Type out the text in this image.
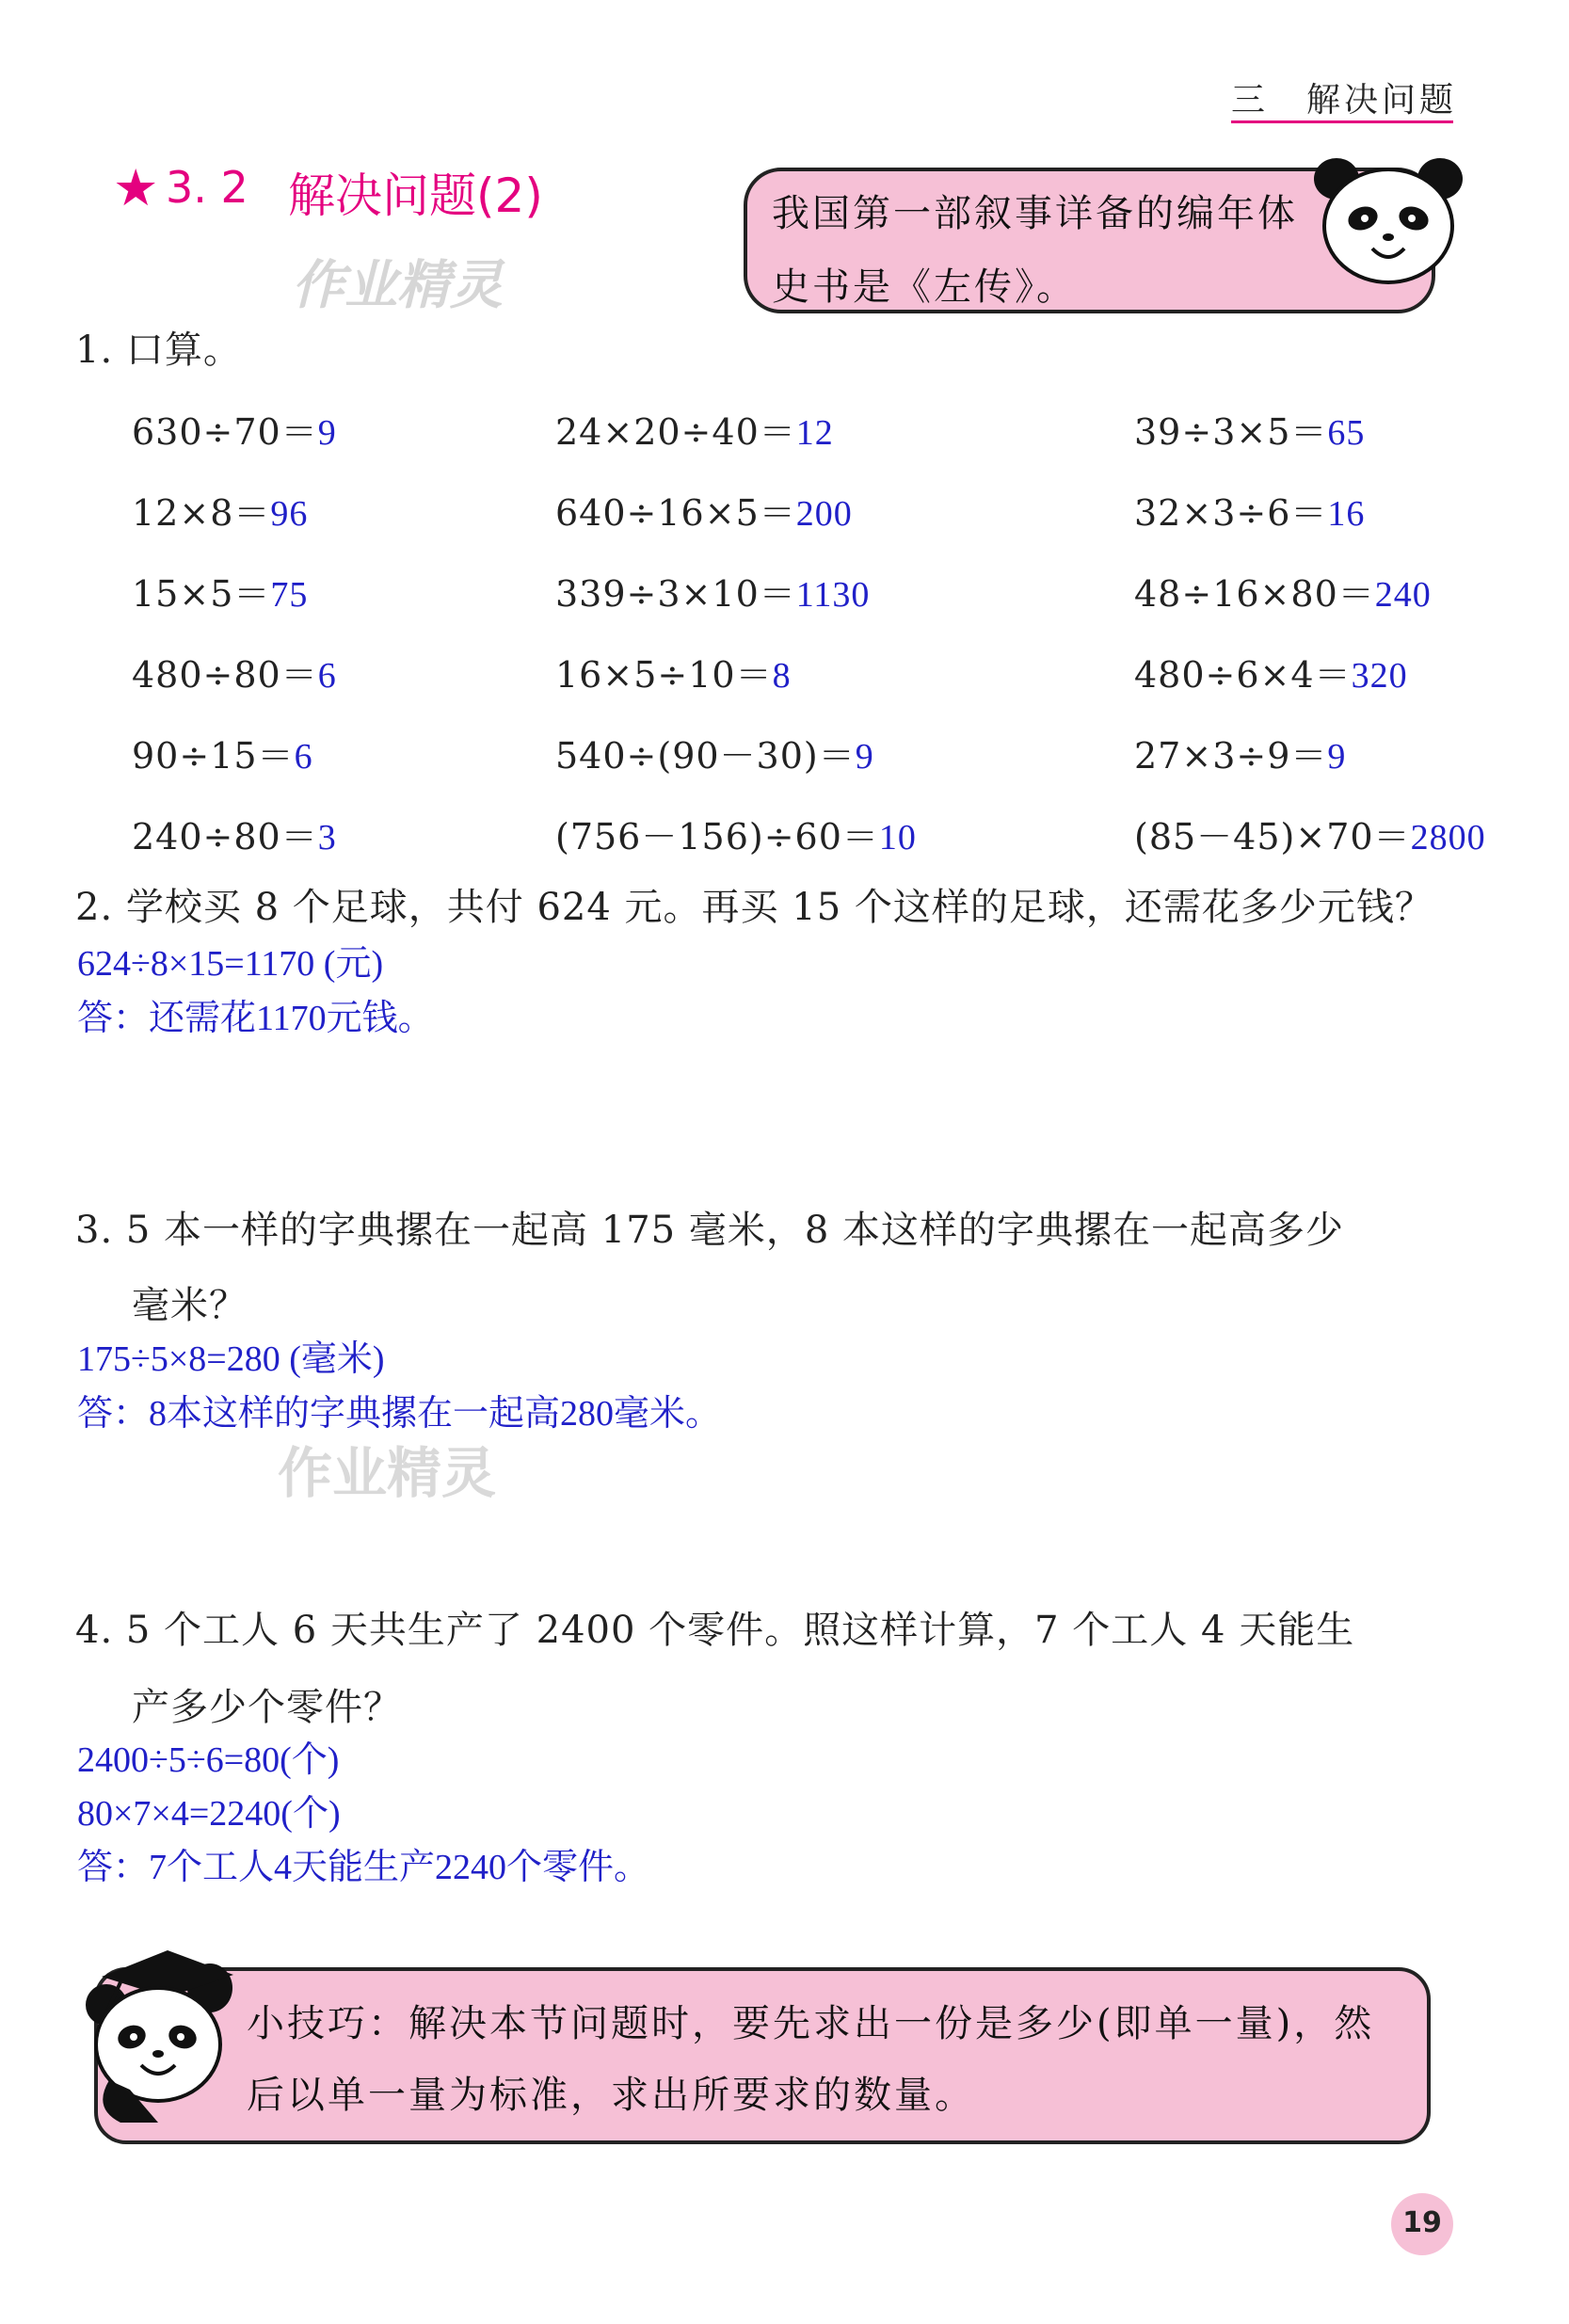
三　解决问题
★ 3. 2 解决问题(2)	我国第一部叙事详备的编年体史书是《左传》。
作业精灵
1. 口算。
630÷70＝9	24×20÷40＝12	39÷3×5＝65
12×8＝96	640÷16×5＝200	32×3÷6＝16
15×5＝75	339÷3×10＝1130	48÷16×80＝240
480÷80＝6	16×5÷10＝8	480÷6×4＝320
90÷15＝6	540÷(90－30)＝9	27×3÷9＝9
240÷80＝3	(756－156)÷60＝10	(85－45)×70＝2800
2. 学校买 8 个足球，共付 624 元。再买 15 个这样的足球，还需花多少元钱？
624÷8×15=1170 (元)
答：还需花1170元钱。
3. 5 本一样的字典摞在一起高 175 毫米，8 本这样的字典摞在一起高多少
毫米？
175÷5×8=280 (毫米)
答：8本这样的字典摞在一起高280毫米。
作业精灵
4. 5 个工人 6 天共生产了 2400 个零件。照这样计算，7 个工人 4 天能生
产多少个零件？
2400÷5÷6=80(个)
80×7×4=2240(个)
答：7个工人4天能生产2240个零件。
小技巧：解决本节问题时，要先求出一份是多少(即单一量)，然后以单一量为标准，求出所要求的数量。
19
